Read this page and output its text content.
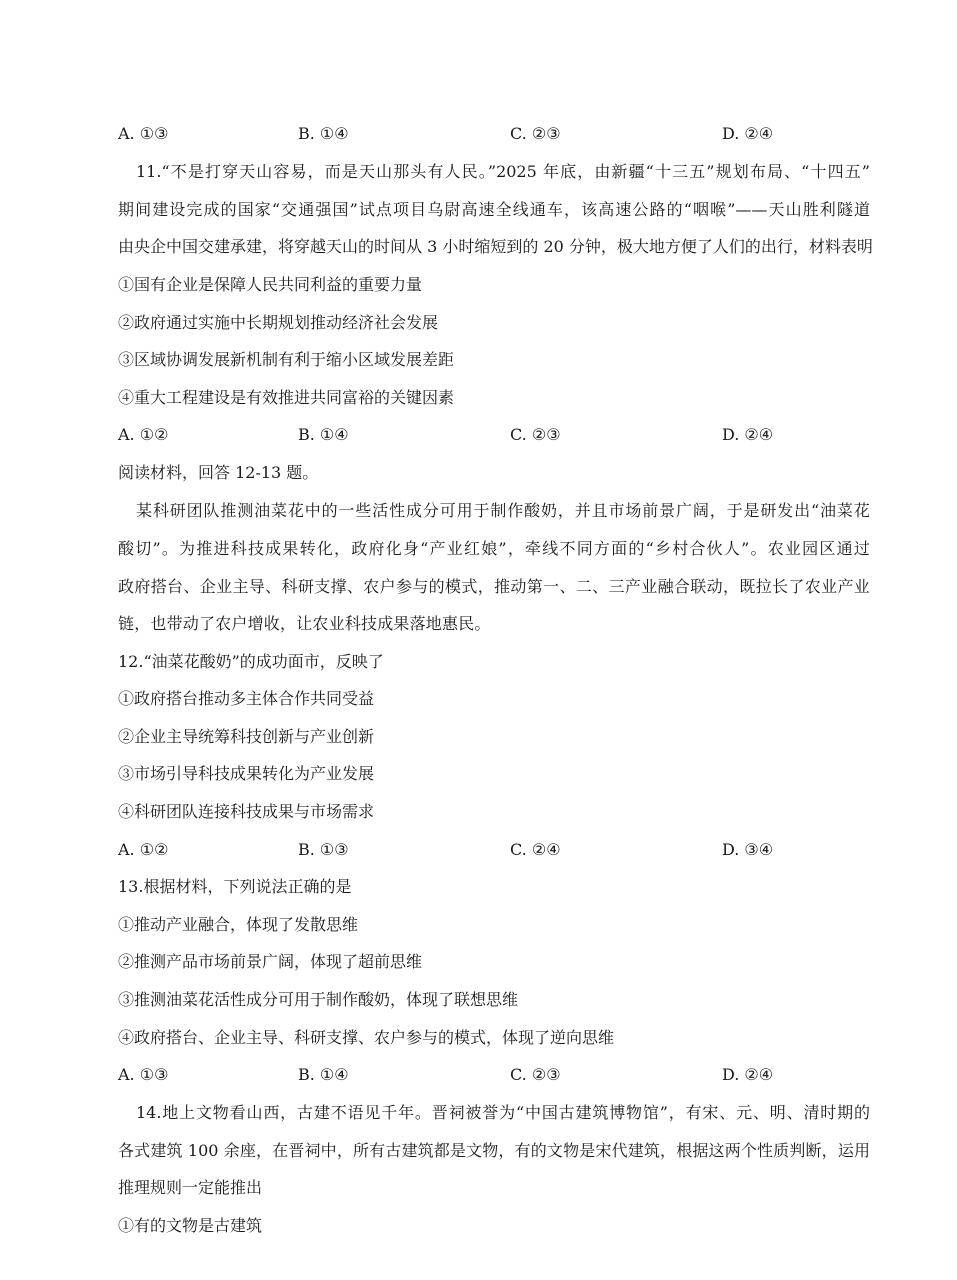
A. ①③	B. ①④	C. ②③	D. ②④
11.“不是打穿天山容易，而是天山那头有人民。”2025 年底，由新疆“十三五”规划布局、“十四五”
期间建设完成的国家“交通强国”试点项目乌尉高速全线通车，该高速公路的“咽喉”——天山胜利隧道
由央企中国交建承建，将穿越天山的时间从 3 小时缩短到的 20 分钟，极大地方便了人们的出行，材料表明
①国有企业是保障人民共同利益的重要力量
②政府通过实施中长期规划推动经济社会发展
③区域协调发展新机制有利于缩小区域发展差距
④重大工程建设是有效推进共同富裕的关键因素
A. ①②	B. ①④	C. ②③	D. ②④
阅读材料，回答 12-13 题。
某科研团队推测油菜花中的一些活性成分可用于制作酸奶，并且市场前景广阔，于是研发出“油菜花
酸切”。为推进科技成果转化，政府化身“产业红娘”，牵线不同方面的“乡村合伙人”。农业园区通过
政府搭台、企业主导、科研支撑、农户参与的模式，推动第一、二、三产业融合联动，既拉长了农业产业
链，也带动了农户增收，让农业科技成果落地惠民。
12.“油菜花酸奶”的成功面市，反映了
①政府搭台推动多主体合作共同受益
②企业主导统筹科技创新与产业创新
③市场引导科技成果转化为产业发展
④科研团队连接科技成果与市场需求
A. ①②	B. ①③	C. ②④	D. ③④
13.根据材料，下列说法正确的是
①推动产业融合，体现了发散思维
②推测产品市场前景广阔，体现了超前思维
③推测油菜花活性成分可用于制作酸奶，体现了联想思维
④政府搭台、企业主导、科研支撑、农户参与的模式，体现了逆向思维
A. ①③	B. ①④	C. ②③	D. ②④
14.地上文物看山西，古建不语见千年。晋祠被誉为“中国古建筑博物馆”，有宋、元、明、清时期的
各式建筑 100 余座，在晋祠中，所有古建筑都是文物，有的文物是宋代建筑，根据这两个性质判断，运用
推理规则一定能推出
①有的文物是古建筑
